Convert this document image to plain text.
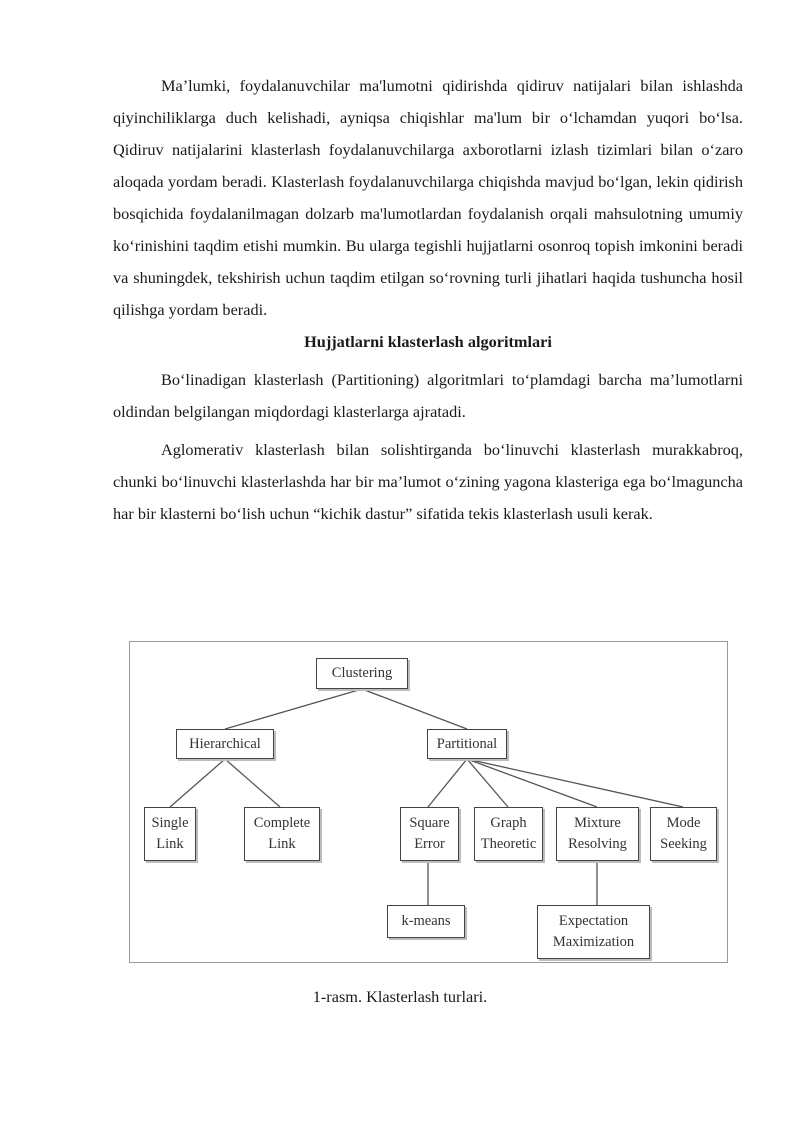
Ma’lumki, foydalanuvchilar ma'lumotni qidirishda qidiruv natijalari bilan ishlashda qiyinchiliklarga duch kelishadi, ayniqsa chiqishlar ma'lum bir o‘lchamdan yuqori bo‘lsa. Qidiruv natijalarini klasterlash foydalanuvchilarga axborotlarni izlash tizimlari bilan o‘zaro aloqada yordam beradi. Klasterlash foydalanuvchilarga chiqishda mavjud bo‘lgan, lekin qidirish bosqichida foydalanilmagan dolzarb ma'lumotlardan foydalanish orqali mahsulotning umumiy ko‘rinishini taqdim etishi mumkin. Bu ularga tegishli hujjatlarni osonroq topish imkonini beradi va shuningdek, tekshirish uchun taqdim etilgan so‘rovning turli jihatlari haqida tushuncha hosil qilishga yordam beradi.

Hujjatlarni klasterlash algoritmlari

Bo‘linadigan klasterlash (Partitioning) algoritmlari to‘plamdagi barcha ma’lumotlarni oldindan belgilangan miqdordagi klasterlarga ajratadi.

Aglomerativ klasterlash bilan solishtirganda bo‘linuvchi klasterlash murakkabroq, chunki bo‘linuvchi klasterlashda har bir ma’lumot o‘zining yagona klasteriga ega bo‘lmaguncha har bir klasterni bo‘lish uchun “kichik dastur” sifatida tekis klasterlash usuli kerak.

Clustering
Hierarchical	Partitional
Single
Link
Complete
Link
Square
Error
Graph
Theoretic
Mixture
Resolving
Mode
Seeking
k-means	Expectation
Maximization
1-rasm. Klasterlash turlari.
